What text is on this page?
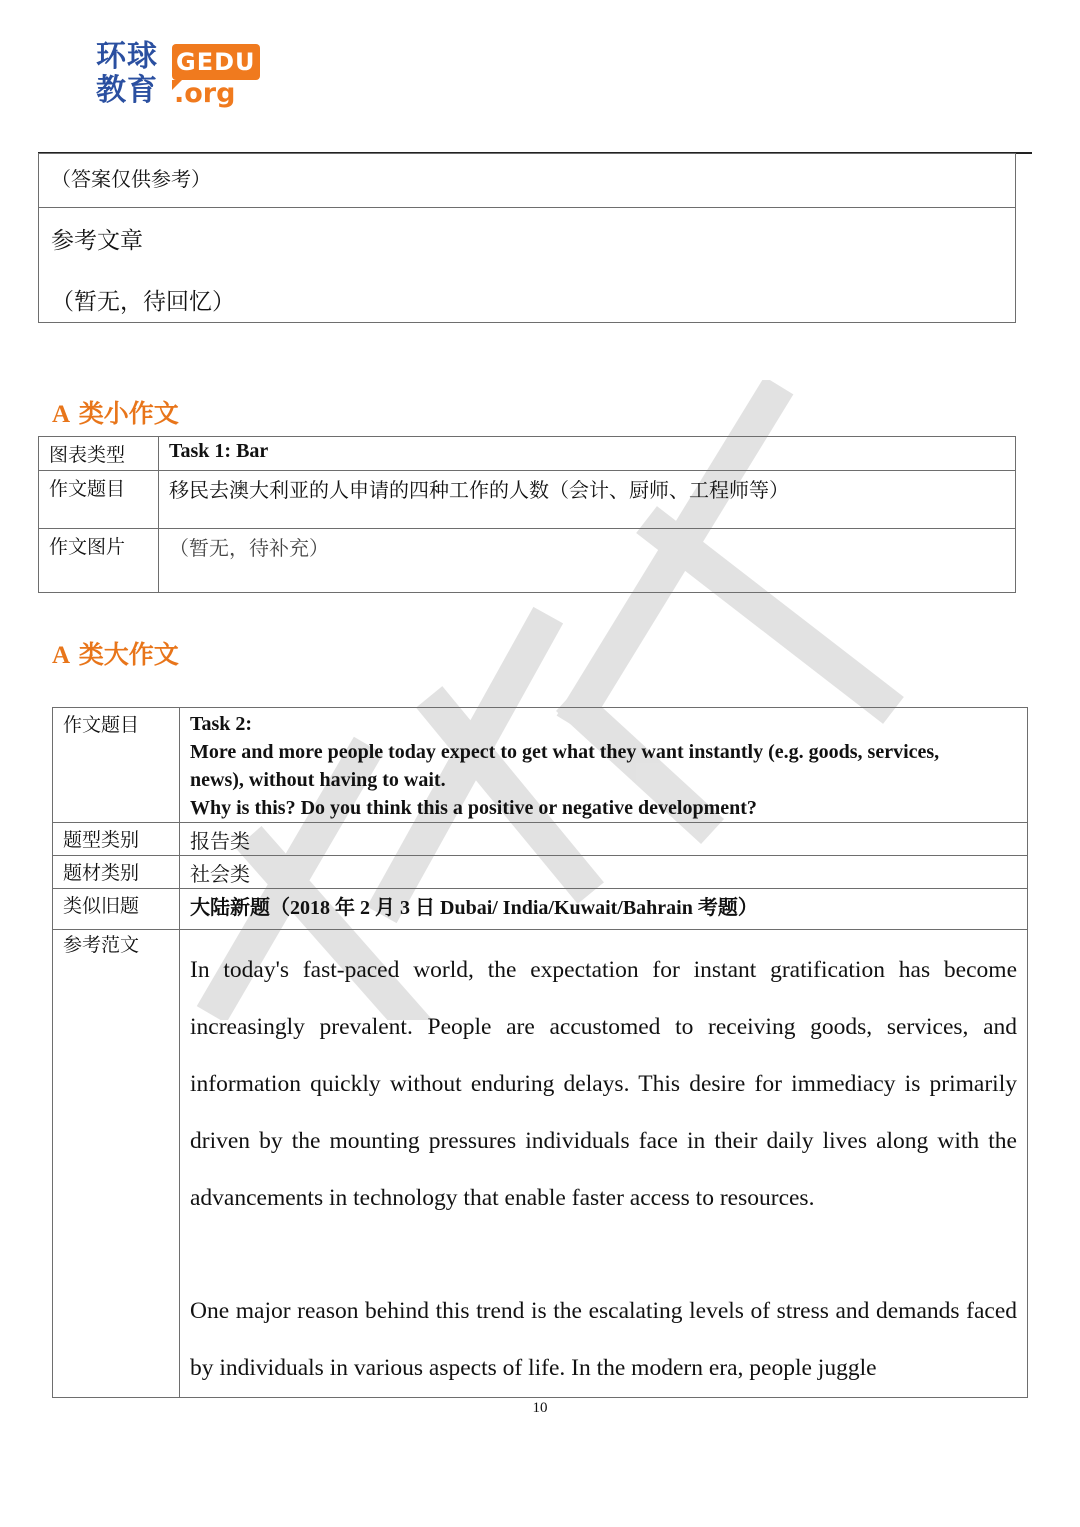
环球
教育
GEDU
.org
（答案仅供参考）

参考文章
（暂无，待回忆）
A 类小作文
图表类型	Task 1: Bar
作文题目	移民去澳大利亚的人申请的四种工作的人数（会计、厨师、工程师等）
作文图片	（暂无，待补充）
A 类大作文
作文题目	Task 2:
More and more people today expect to get what they want instantly (e.g. goods, services,
news), without having to wait.
Why is this? Do you think this a positive or negative development?

题型类别	报告类
题材类别	社会类
类似旧题	大陆新题（2018 年 2 月 3 日 Dubai/ India/Kuwait/Bahrain 考题）
参考范文	In today's fast-paced world, the expectation for instant gratification has become increasingly prevalent. People are accustomed to receiving goods, services, and information quickly without enduring delays. This desire for immediacy is primarily driven by the mounting pressures individuals face in their daily lives along with the advancements in technology that enable faster access to resources.

One major reason behind this trend is the escalating levels of stress and demands faced by individuals in various aspects of life. In the modern era, people juggle

10
